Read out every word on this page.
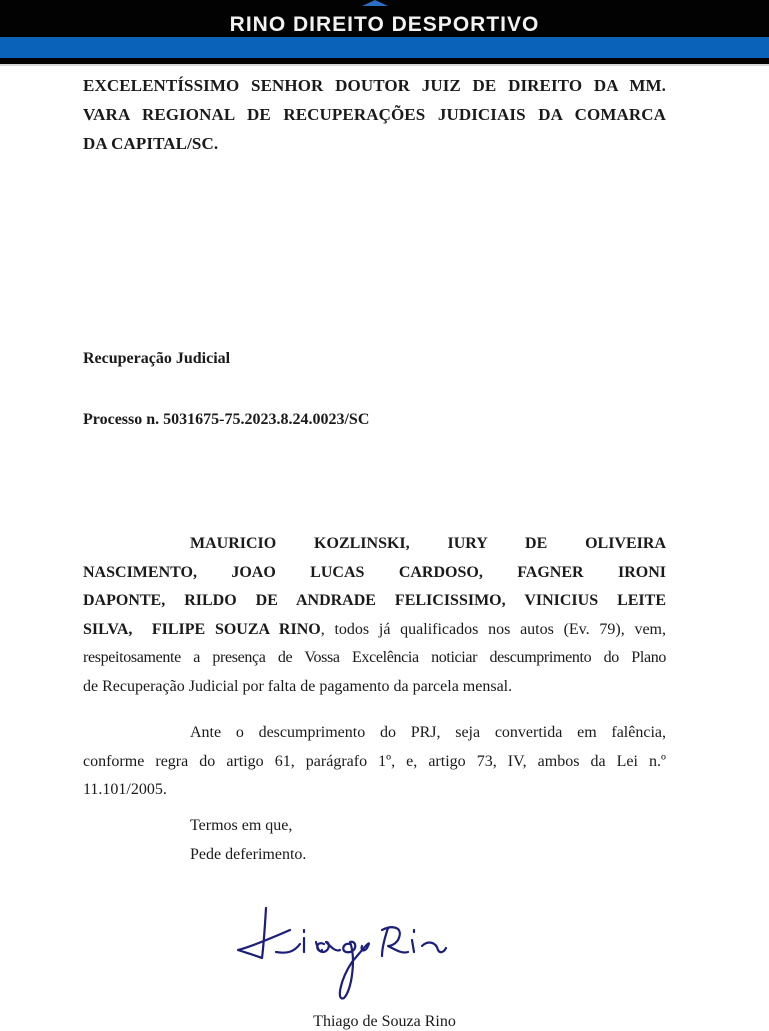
RINO DIREITO DESPORTIVO
EXCELENTÍSSIMO SENHOR DOUTOR JUIZ DE DIREITO DA MM.
VARA REGIONAL DE RECUPERAÇÕES JUDICIAIS DA COMARCA
DA CAPITAL/SC.
Recuperação Judicial
Processo n. 5031675-75.2023.8.24.0023/SC
MAURICIO KOZLINSKI, IURY DE OLIVEIRA
NASCIMENTO, JOAO LUCAS CARDOSO, FAGNER IRONI
DAPONTE, RILDO DE ANDRADE FELICISSIMO, VINICIUS LEITE
SILVA,  FILIPE SOUZA RINO, todos já qualificados nos autos (Ev. 79), vem,
respeitosamente a presença de Vossa Excelência noticiar descumprimento do Plano
de Recuperação Judicial por falta de pagamento da parcela mensal.
Ante o descumprimento do PRJ, seja convertida em falência,
conforme regra do artigo 61, parágrafo 1º, e, artigo 73, IV, ambos da Lei n.º
11.101/2005.
Termos em que,
Pede deferimento.
Thiago de Souza Rino
